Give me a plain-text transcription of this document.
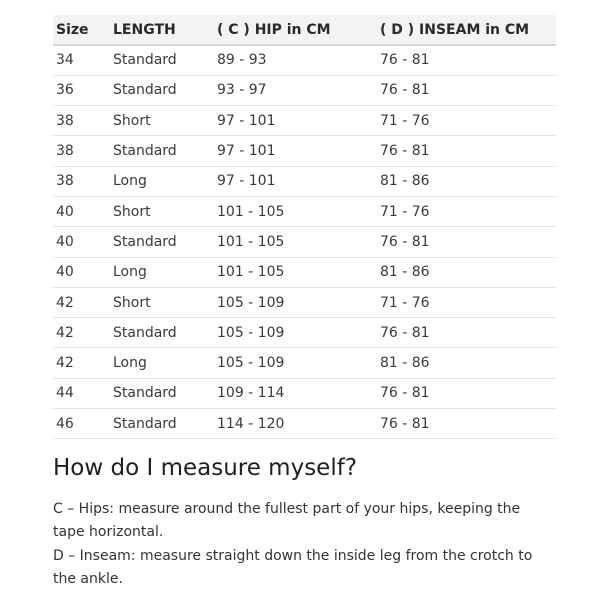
Size	LENGTH	( C ) HIP in CM	( D ) INSEAM in CM
34	Standard	89 - 93	76 - 81
36	Standard	93 - 97	76 - 81
38	Short	97 - 101	71 - 76
38	Standard	97 - 101	76 - 81
38	Long	97 - 101	81 - 86
40	Short	101 - 105	71 - 76
40	Standard	101 - 105	76 - 81
40	Long	101 - 105	81 - 86
42	Short	105 - 109	71 - 76
42	Standard	105 - 109	76 - 81
42	Long	105 - 109	81 - 86
44	Standard	109 - 114	76 - 81
46	Standard	114 - 120	76 - 81
How do I measure myself?

C – Hips: measure around the fullest part of your hips, keeping the tape horizontal.

D – Inseam: measure straight down the inside leg from the crotch to the ankle.
